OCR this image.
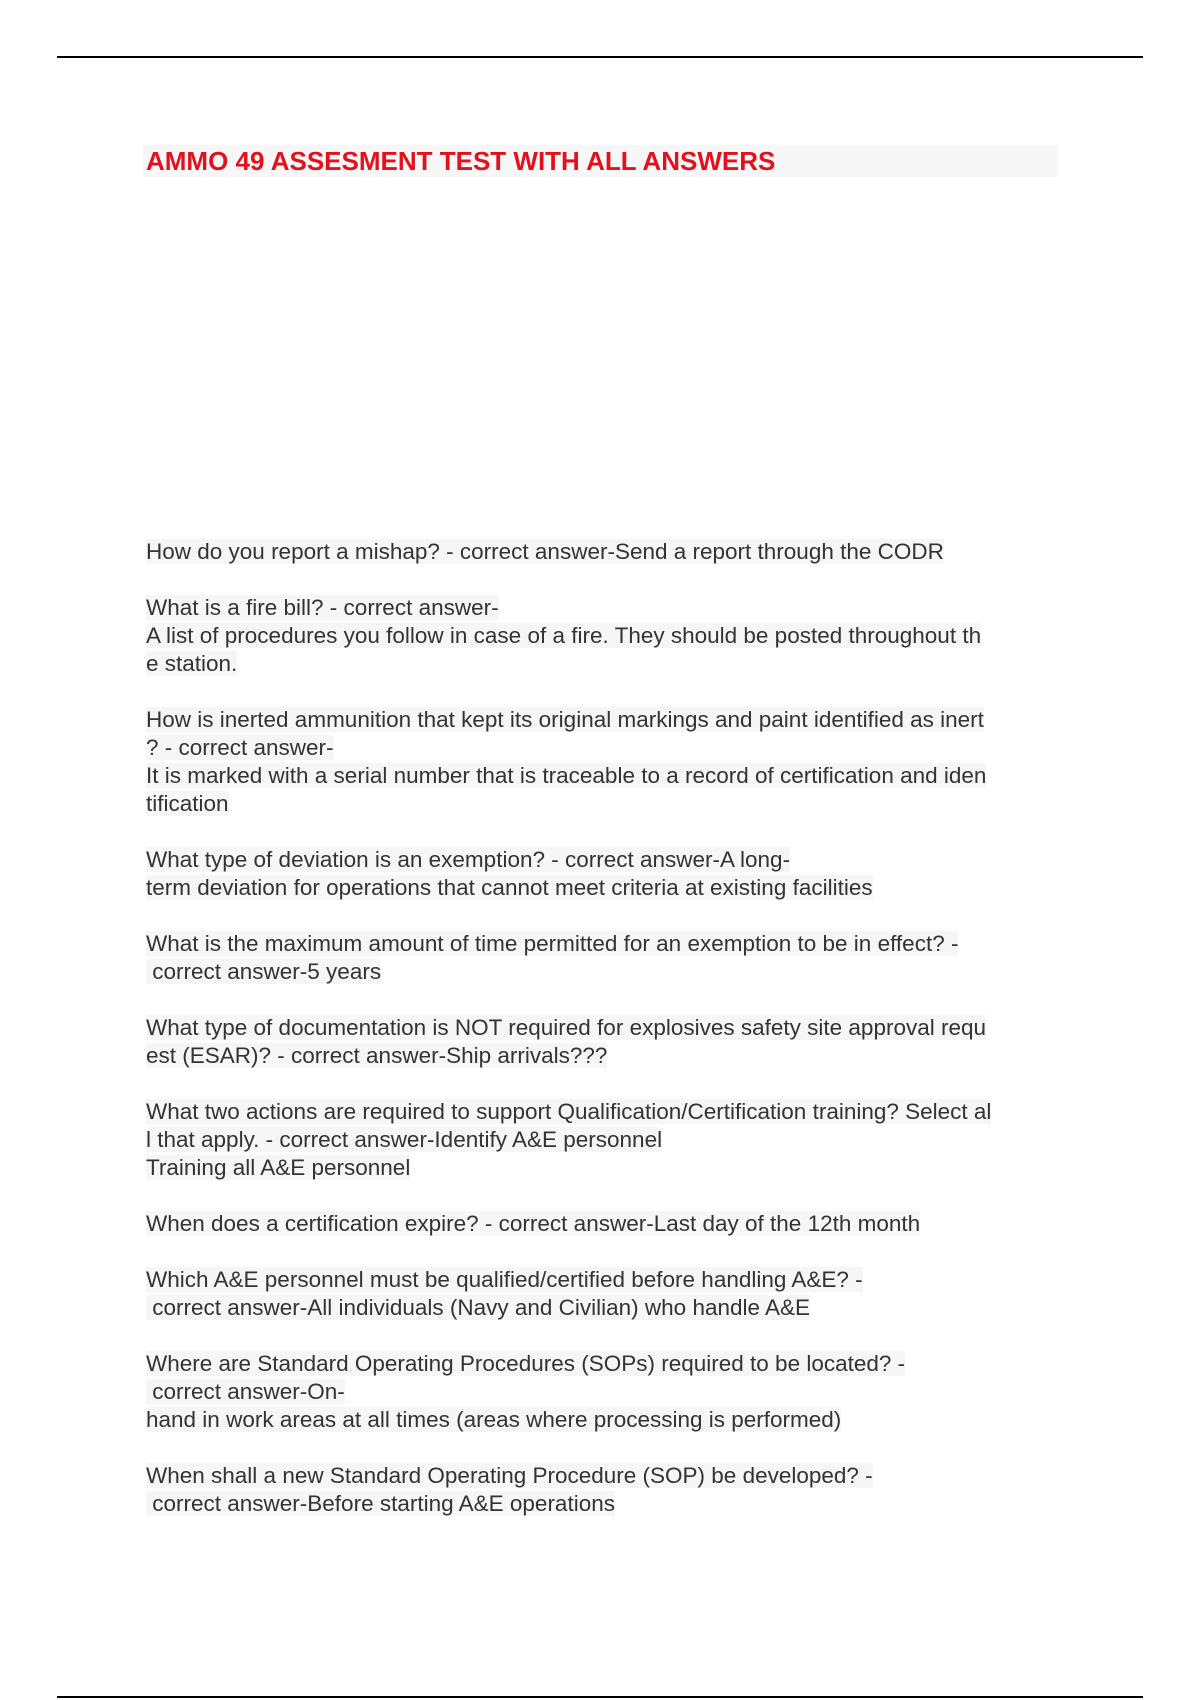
AMMO 49 ASSESMENT TEST WITH ALL ANSWERS
How do you report a mishap? - correct answer-Send a report through the CODR
What is a fire bill? - correct answer-
A list of procedures you follow in case of a fire. They should be posted throughout th
e station.
How is inerted ammunition that kept its original markings and paint identified as inert
? - correct answer-
It is marked with a serial number that is traceable to a record of certification and iden
tification
What type of deviation is an exemption? - correct answer-A long-
term deviation for operations that cannot meet criteria at existing facilities
What is the maximum amount of time permitted for an exemption to be in effect? -
correct answer-5 years
What type of documentation is NOT required for explosives safety site approval requ
est (ESAR)? - correct answer-Ship arrivals???
What two actions are required to support Qualification/Certification training? Select al
l that apply. - correct answer-Identify A&E personnel
Training all A&E personnel
When does a certification expire? - correct answer-Last day of the 12th month
Which A&E personnel must be qualified/certified before handling A&E? -
correct answer-All individuals (Navy and Civilian) who handle A&E
Where are Standard Operating Procedures (SOPs) required to be located? -
correct answer-On-
hand in work areas at all times (areas where processing is performed)
When shall a new Standard Operating Procedure (SOP) be developed? -
correct answer-Before starting A&E operations
